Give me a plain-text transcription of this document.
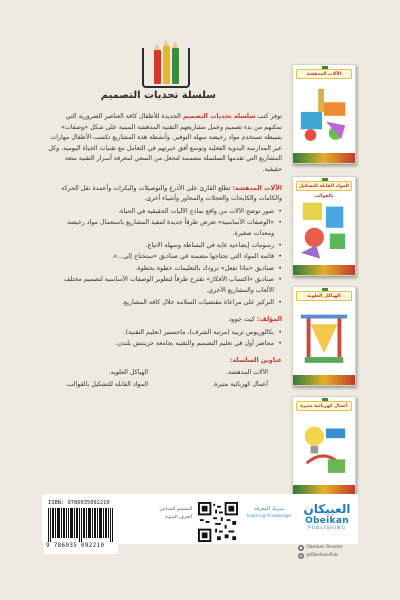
سلسلة تحديات التصميم

توفر كتب سلسلة تحديات التصميم الجديدة للأطفال كافة العناصر الضرورية التي تمكنهم من بدء تصميم وعمل مشاريعهم التقنية المدهشة المبنية على شكل «وصفات» بسيطة تستخدم مواد رخيصة سهلة التوفير. وأنشطة هذه المشاريع تكسب الأطفال مهارات عبر المدارسة اليدوية الفعلية وتوسع أفق خبرتهم في التعامل مع تقنيات الحياة اليومية. وكل المشاريع التي تقدمها السلسلة مصممة لتجعل من السعي لمعرفة أسرار التقنية متعة حقيقية.

الآلات المدهشة: تطلع القارئ على الأذرع والتوصيلات والبكرات وأعمدة نقل الحركة والكامات والكابحات والعجلات والمحاور وأشياء أخرى.

• صور توضح الآلات من واقع نماذج الآليات الحقيقية في الحياة.
• «الوصفات الأساسية» تعرض طرقاً جديدة لتنفيذ المشاريع باستعمال مواد رخيصة ومعدات صغيرة.
• رسومات إيضاحية غاية في البساطة وسهلة الاتباع.
• قائمة المواد التي تحتاجها مضمنة في صناديق «ستحتاج إلى...».
• صناديق «ماذا تفعل» تزودك بالتعليمات خطوة بخطوة.
• صناديق «اكتساب الأفكار» تقترح طرقاً لتطوير الوصفات الأساسية لتصميم مختلف الألعاب والمشاريع الأخرى.
• التركيز على مراعاة مقتضيات السلامة خلال كافة المشاريع.

المؤلف: كيث جوود

• بكالوريوس تربية (مرتبة الشرف)، ماجستير (تعليم التقنية).
• محاضر أول في تعليم التصميم والتقنية بجامعة جرينتش بلندن.
عناوين السلسلة:
الآلات المدهشة.
الهياكل العلوية.
أعمال كهربائية مثيرة.
المواد القابلة للتشكيل بالقوالب.
الآلات المدهشة
المواد القابلة للتشكيل بالقوالب
الهياكل العلوية
أعمال كهربائية مثيرة
ISBN: 9786035092210
9 786035 092210
التصميم الصناعي
الحرف اليدوية
شريك المعرفة
Inspiring Knowledge
العبيكان
Obeikan
PUBLISHING
◆ Obeikan Reader
@ @ObeikanPub
